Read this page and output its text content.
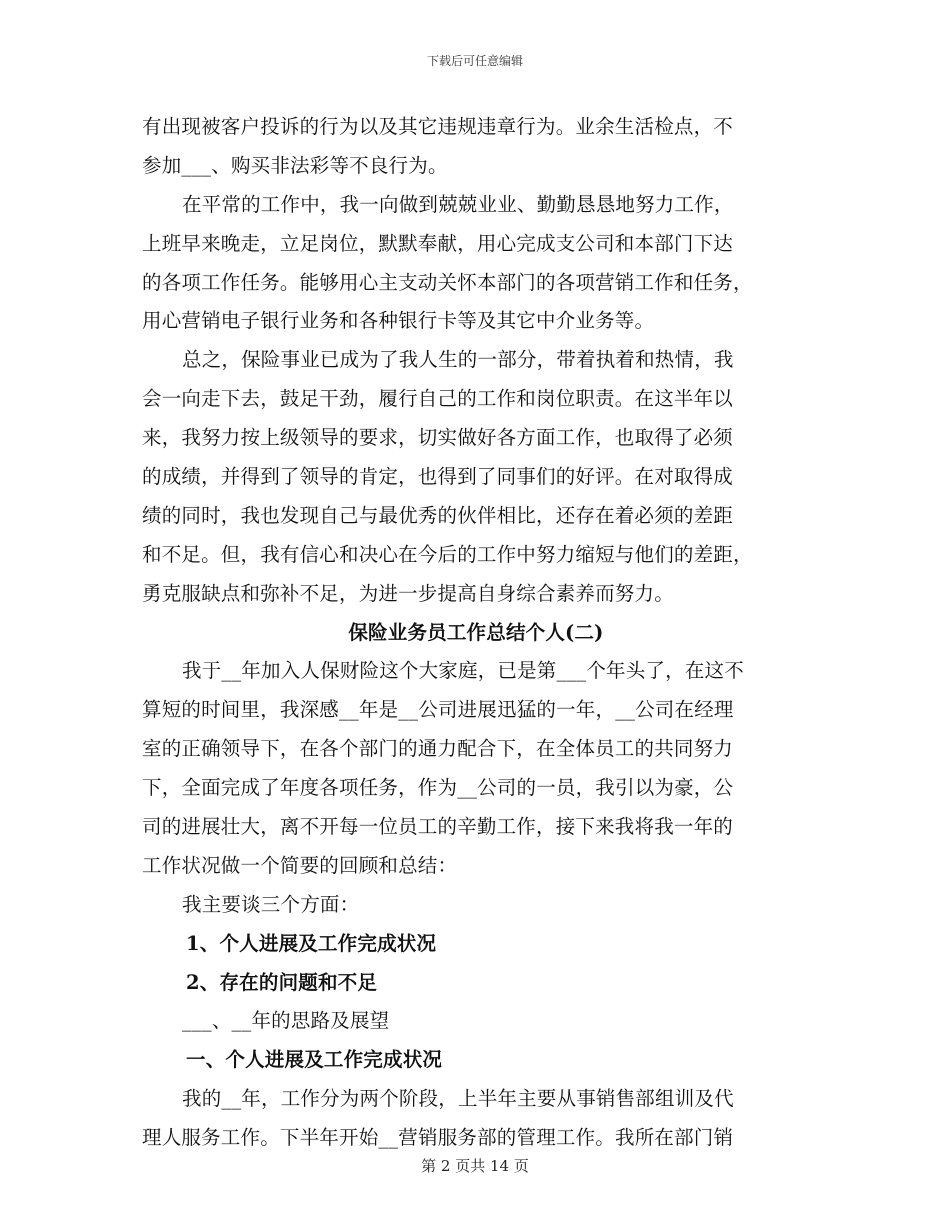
下载后可任意编辑
有出现被客户投诉的行为以及其它违规违章行为。业余生活检点，不
参加___、购买非法彩等不良行为。
在平常的工作中，我一向做到兢兢业业、勤勤恳恳地努力工作，
上班早来晚走，立足岗位，默默奉献，用心完成支公司和本部门下达
的各项工作任务。能够用心主支动关怀本部门的各项营销工作和任务，
用心营销电子银行业务和各种银行卡等及其它中介业务等。
总之，保险事业已成为了我人生的一部分，带着执着和热情，我
会一向走下去，鼓足干劲，履行自己的工作和岗位职责。在这半年以
来，我努力按上级领导的要求，切实做好各方面工作，也取得了必须
的成绩，并得到了领导的肯定，也得到了同事们的好评。在对取得成
绩的同时，我也发现自己与最优秀的伙伴相比，还存在着必须的差距
和不足。但，我有信心和决心在今后的工作中努力缩短与他们的差距，
勇克服缺点和弥补不足，为进一步提高自身综合素养而努力。
保险业务员工作总结个人(二)
我于__年加入人保财险这个大家庭，已是第___个年头了，在这不
算短的时间里，我深感__年是__公司进展迅猛的一年，__公司在经理
室的正确领导下，在各个部门的通力配合下，在全体员工的共同努力
下，全面完成了年度各项任务，作为__公司的一员，我引以为豪，公
司的进展壮大，离不开每一位员工的辛勤工作，接下来我将我一年的
工作状况做一个简要的回顾和总结：
我主要谈三个方面：
1、个人进展及工作完成状况
2、存在的问题和不足
___、__年的思路及展望
一、个人进展及工作完成状况
我的__年，工作分为两个阶段，上半年主要从事销售部组训及代
理人服务工作。下半年开始__营销服务部的管理工作。我所在部门销
第 2 页共 14 页
